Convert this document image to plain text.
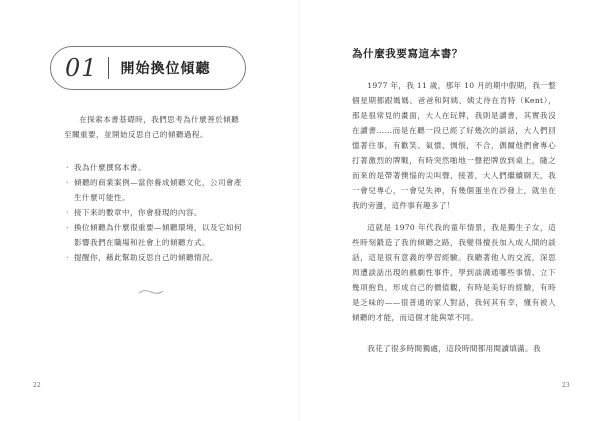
01 開始換位傾聽

在探索本書基礎時，我們思考為什麼善於傾聽至關重要，並開始反思自己的傾聽過程。

‧ 我為什麼撰寫本書。
‧ 傾聽的商業案例—當你養成傾聽文化，公司會產生什麼可能性。
‧ 接下來的數章中，你會發現的內容。
‧ 換位傾聽為什麼很重要—傾聽環境，以及它如何影響我們在職場和社會上的傾聽方式。
‧ 提醒你，藉此幫助反思自己的傾聽情況。
22
為什麼我要寫這本書？

1977 年，我 11 歲，那年 10 月的期中假期，我一整個星期都跟媽媽、爸爸和阿姨、姨丈待在肯特（Kent），那是很常見的畫面，大人在玩牌，我則是讀書，其實我沒在讀書……而是在聽一段已經了好幾次的談話，大人們回憶著往事，有歡笑、氣憤、惆悵，不合，偶爾他們會專心打著激烈的牌戰，有時突然啪地一聲把牌放到桌上，隨之而來的是帶著懊惱的尖叫聲，接著，大人們繼續聊天，我一會兒專心，一會兒失神，有幾個蛋坐在沙發上，就坐在我的旁邊，這件事有趣多了！

這就是 1970 年代我的童年情景，我是獨生子女，這些時刻鍛造了我的傾聽之路，我變得擅長加入成人間的談話，這是很有意義的學習經驗。我聽著他人的交流，深思周遭談話出現的戲劇性事件，學到談溝通哪些事情、立下幾項抱負，形成自己的價值觀，有時是美好的經驗，有時是乏味的——很普通的家人對話，我何其有幸，懂有被人傾聽的才能，而這個才能與眾不同。

我花了很多時間獨處，這段時間都用閱讀填滿。我

23
